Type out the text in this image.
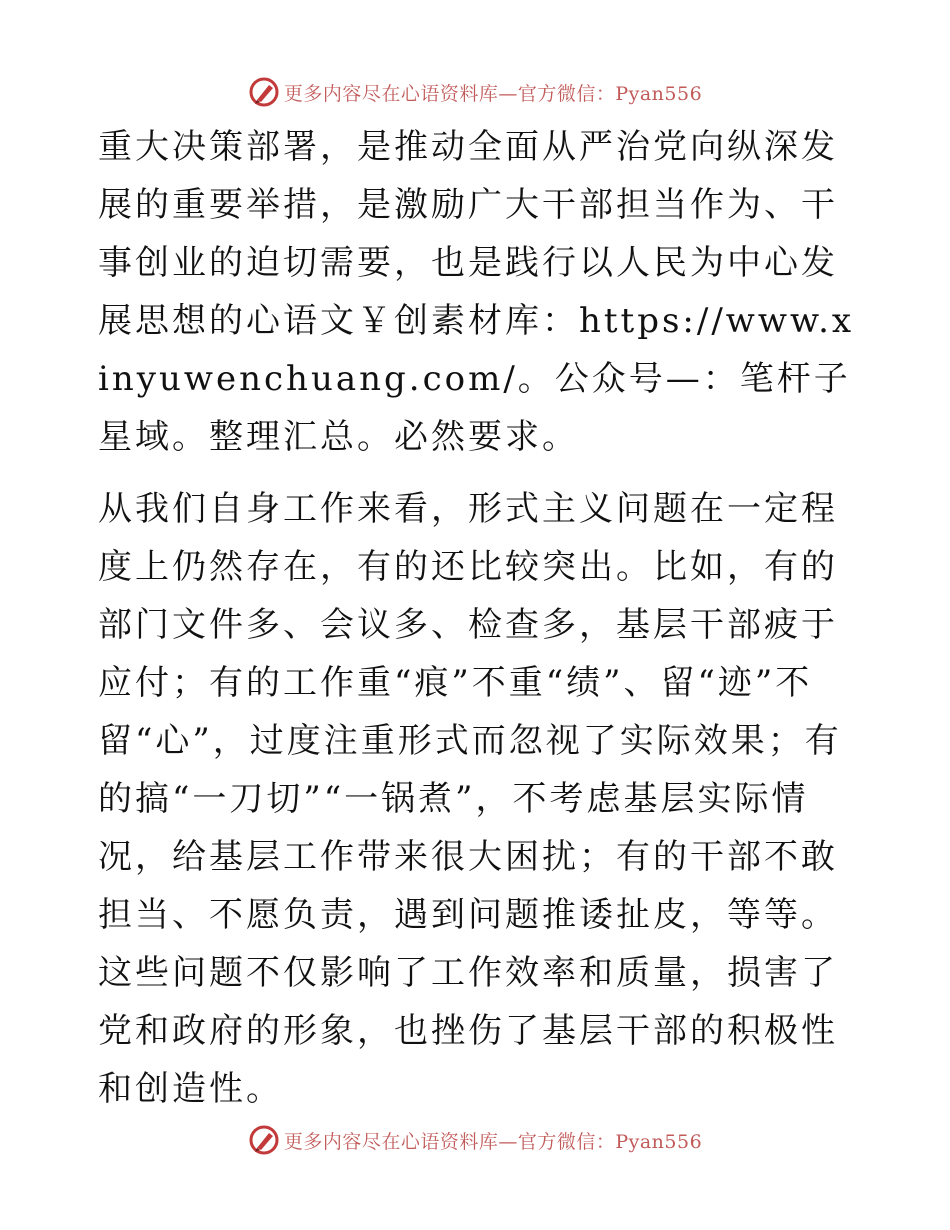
更多内容尽在心语资料库—官方微信：Pyan556

重大决策部署，是推动全面从严治党向纵深发展的重要举措，是激励广大干部担当作为、干事创业的迫切需要，也是践行以人民为中心发展思想的心语文￥创素材库：https://www.xinyuwenchuang.com/。公众号—：笔杆子星域。整理汇总。必然要求。

从我们自身工作来看，形式主义问题在一定程度上仍然存在，有的还比较突出。比如，有的部门文件多、会议多、检查多，基层干部疲于应付；有的工作重“痕”不重“绩”、留“迹”不留“心”，过度注重形式而忽视了实际效果；有的搞“一刀切”“一锅煮”，不考虑基层实际情况，给基层工作带来很大困扰；有的干部不敢担当、不愿负责，遇到问题推诿扯皮，等等。这些问题不仅影响了工作效率和质量，损害了党和政府的形象，也挫伤了基层干部的积极性和创造性。

更多内容尽在心语资料库—官方微信：Pyan556
